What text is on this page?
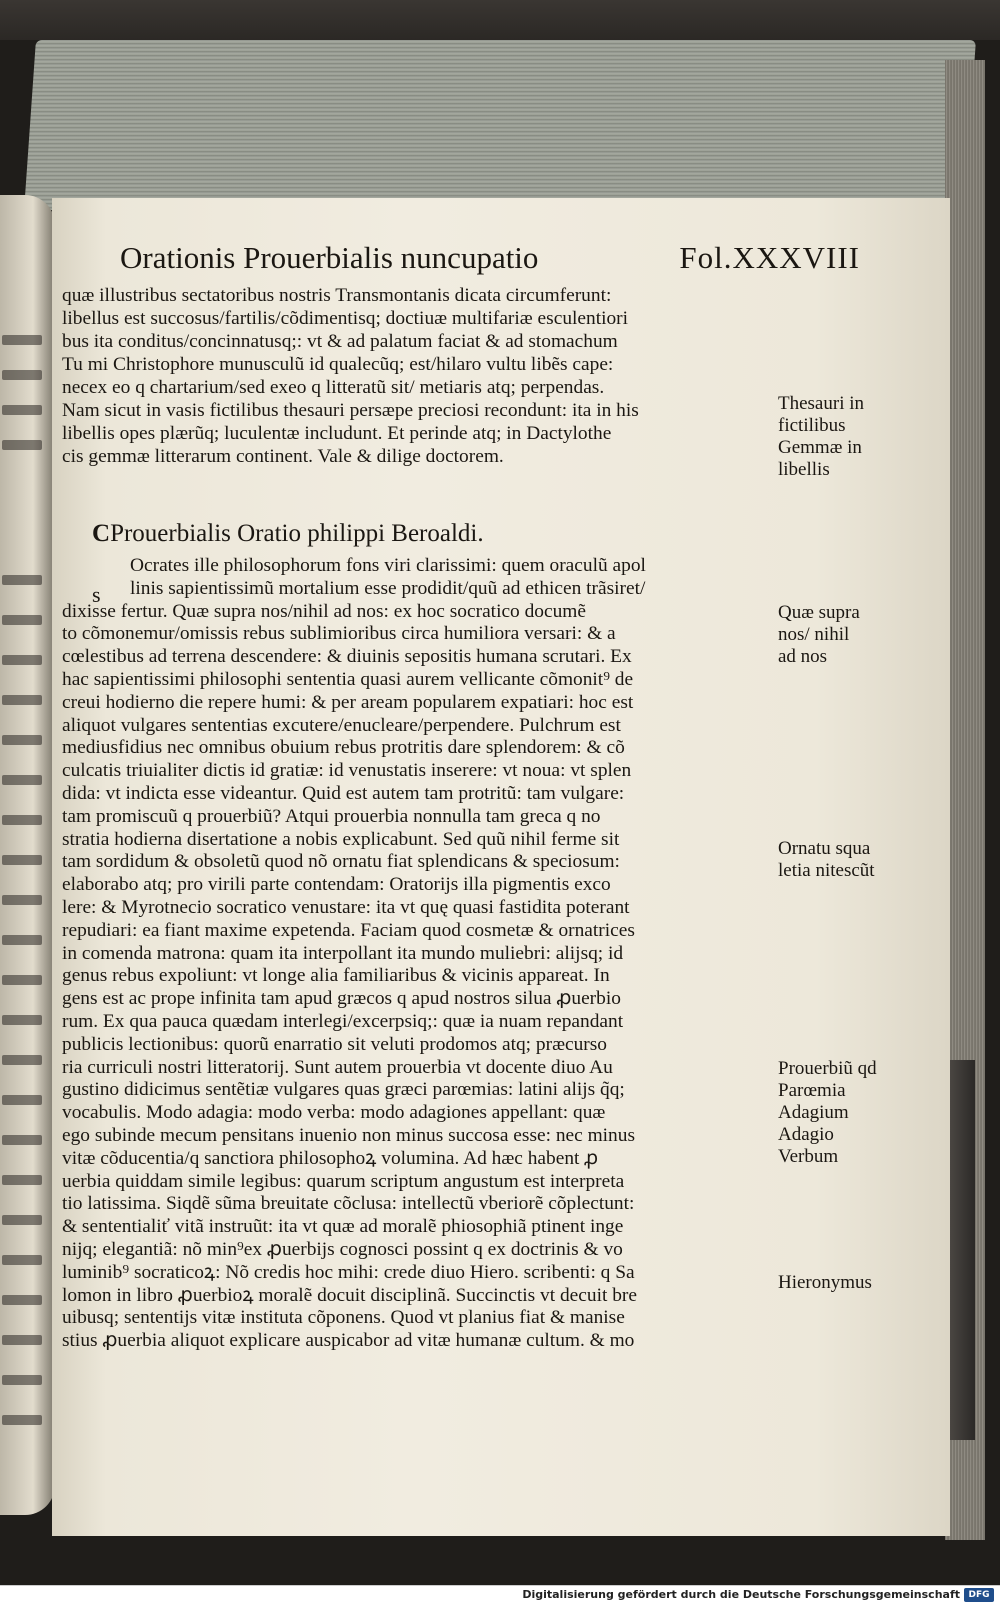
Orationis Prouerbialis nuncupatio	Fol.XXXVIII
quæ illustribus sectatoribus nostris Transmontanis dicata circumferunt:
libellus est succosus/fartilis/cõdimentisq; doctiuæ multifariæ esculentiori
bus ita conditus/concinnatusq;: vt & ad palatum faciat & ad stomachum
Tu mi Christophore munusculũ id qualecũq; est/hilaro vultu libẽs cape:
necex eo q chartarium/sed exeo q litteratũ sit/ metiaris atq; perpendas.
Nam sicut in vasis fictilibus thesauri persæpe preciosi recondunt: ita in his
libellis opes plærũq; luculentæ includunt. Et perinde atq; in Dactylothe
cis gemmæ litterarum continent. Vale & dilige doctorem.
CProuerbialis Oratio philippi Beroaldi.
s
Ocrates ille philosophorum fons viri clarissimi: quem oraculũ apol
linis sapientissimũ mortalium esse prodidit/quũ ad ethicen trãsiret/
dixisse fertur. Quæ supra nos/nihil ad nos: ex hoc socratico documẽ
to cõmonemur/omissis rebus sublimioribus circa humiliora versari: & a
cœlestibus ad terrena descendere: & diuinis sepositis humana scrutari. Ex
hac sapientissimi philosophi sententia quasi aurem vellicante cõmonit⁹ de
creui hodierno die repere humi: & per aream popularem expatiari: hoc est
aliquot vulgares sententias excutere/enucleare/perpendere. Pulchrum est
mediusfidius nec omnibus obuium rebus protritis dare splendorem: & cõ
culcatis triuialiter dictis id gratiæ: id venustatis inserere: vt noua: vt splen
dida: vt indicta esse videantur. Quid est autem tam protritũ: tam vulgare:
tam promiscuũ q prouerbiũ? Atqui prouerbia nonnulla tam greca q no
stratia hodierna disertatione a nobis explicabunt. Sed quũ nihil ferme sit
tam sordidum & obsoletũ quod nõ ornatu fiat splendicans & speciosum:
elaborabo atq; pro virili parte contendam: Oratorijs illa pigmentis exco
lere: & Myrotnecio socratico venustare: ita vt quę quasi fastidita poterant
repudiari: ea fiant maxime expetenda. Faciam quod cosmetæ & ornatrices
in comenda matrona: quam ita interpollant ita mundo muliebri: alijsq; id
genus rebus expoliunt: vt longe alia familiaribus & vicinis appareat. In
gens est ac prope infinita tam apud græcos q apud nostros silua ꝓuerbio
rum. Ex qua pauca quædam interlegi/excerpsiq;: quæ ia nuam repandant
publicis lectionibus: quorũ enarratio sit veluti prodomos atq; præcurso
ria curriculi nostri litteratorij. Sunt autem prouerbia vt docente diuo Au
gustino didicimus sentẽtiæ vulgares quas græci parœmias: latini alijs q̃q;
vocabulis. Modo adagia: modo verba: modo adagiones appellant: quæ
ego subinde mecum pensitans inuenio non minus succosa esse: nec minus
vitæ cõducentia/q sanctiora philosophoꝝ volumina. Ad hæc habent ꝓ
uerbia quiddam simile legibus: quarum scriptum angustum est interpreta
tio latissima. Siqdẽ sũma breuitate cõclusa: intellectũ vberiorẽ cõplectunt:
& sententialiť vitã instruũt: ita vt quæ ad moralẽ phiosophiã ptinent inge
nijq; elegantiã: nõ min⁹ex ꝓuerbijs cognosci possint q ex doctrinis & vo
luminib⁹ socraticoꝝ: Nõ credis hoc mihi: crede diuo Hiero. scribenti: q Sa
lomon in libro ꝓuerbioꝝ moralẽ docuit disciplinã. Succinctis vt decuit bre
uibusq; sententijs vitæ instituta cõponens. Quod vt planius fiat & manise
stius ꝓuerbia aliquot explicare auspicabor ad vitæ humanæ cultum. & mo
Thesauri in
fictilibus
Gemmæ in
libellis
Quæ supra
nos/ nihil
ad nos
Ornatu squa
letia nitescũt
Prouerbiũ qd
Parœmia
Adagium
Adagio
Verbum
Hieronymus
Digitalisierung gefördert durch die Deutsche Forschungsgemeinschaft DFG
